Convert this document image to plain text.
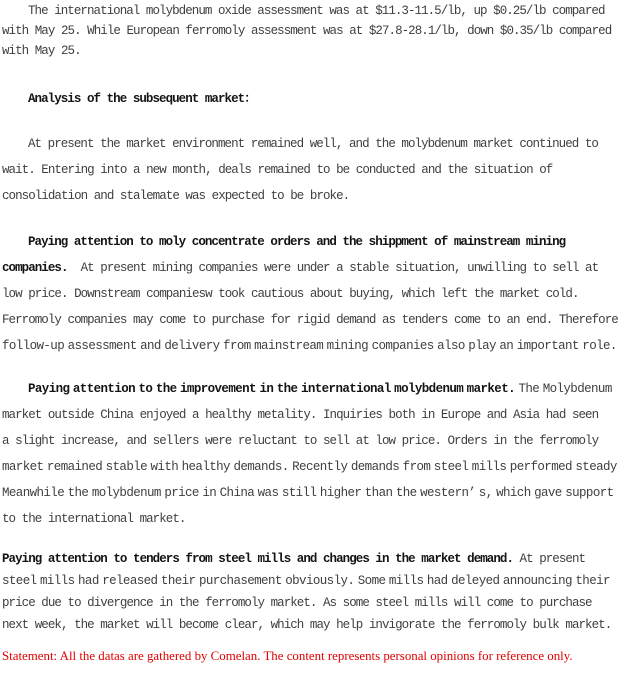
The international molybdenum oxide assessment was at $11.3-11.5/lb, up $0.25/lb compared
with May 25. While European ferromoly assessment was at $27.8-28.1/lb, down $0.35/lb compared
with May 25.
Analysis of the subsequent market：
At present the market environment remained well, and the molybdenum market continued to
wait. Entering into a new month, deals remained to be conducted and the situation of
consolidation and stalemate was expected to be broke.
Paying attention to moly concentrate orders and the shippment of mainstream mining
companies.  At present mining companies were under a stable situation, unwilling to sell at
low price. Downstream companiesw took cautious about buying, which left the market cold.
Ferromoly companies may come to purchase for rigid demand as tenders come to an end. Therefore
follow-up assessment and delivery from mainstream mining companies also play an important role.
Paying attention to the improvement in the international molybdenum market. The Molybdenum
market outside China enjoyed a healthy metality. Inquiries both in Europe and Asia had seen
a slight increase, and sellers were reluctant to sell at low price. Orders in the ferromoly
market remained stable with healthy demands. Recently demands from steel mills performed steady
Meanwhile the molybdenum price in China was still higher than the western’ s, which gave support
to the international market.
Paying attention to tenders from steel mills and changes in the market demand. At present
steel mills had released their purchasement obviously. Some mills had deleyed announcing their
price due to divergence in the ferromoly market. As some steel mills will come to purchase
next week, the market will become clear, which may help invigorate the ferromoly bulk market.
Statement: All the datas are gathered by Comelan. The content represents personal opinions for reference only.
